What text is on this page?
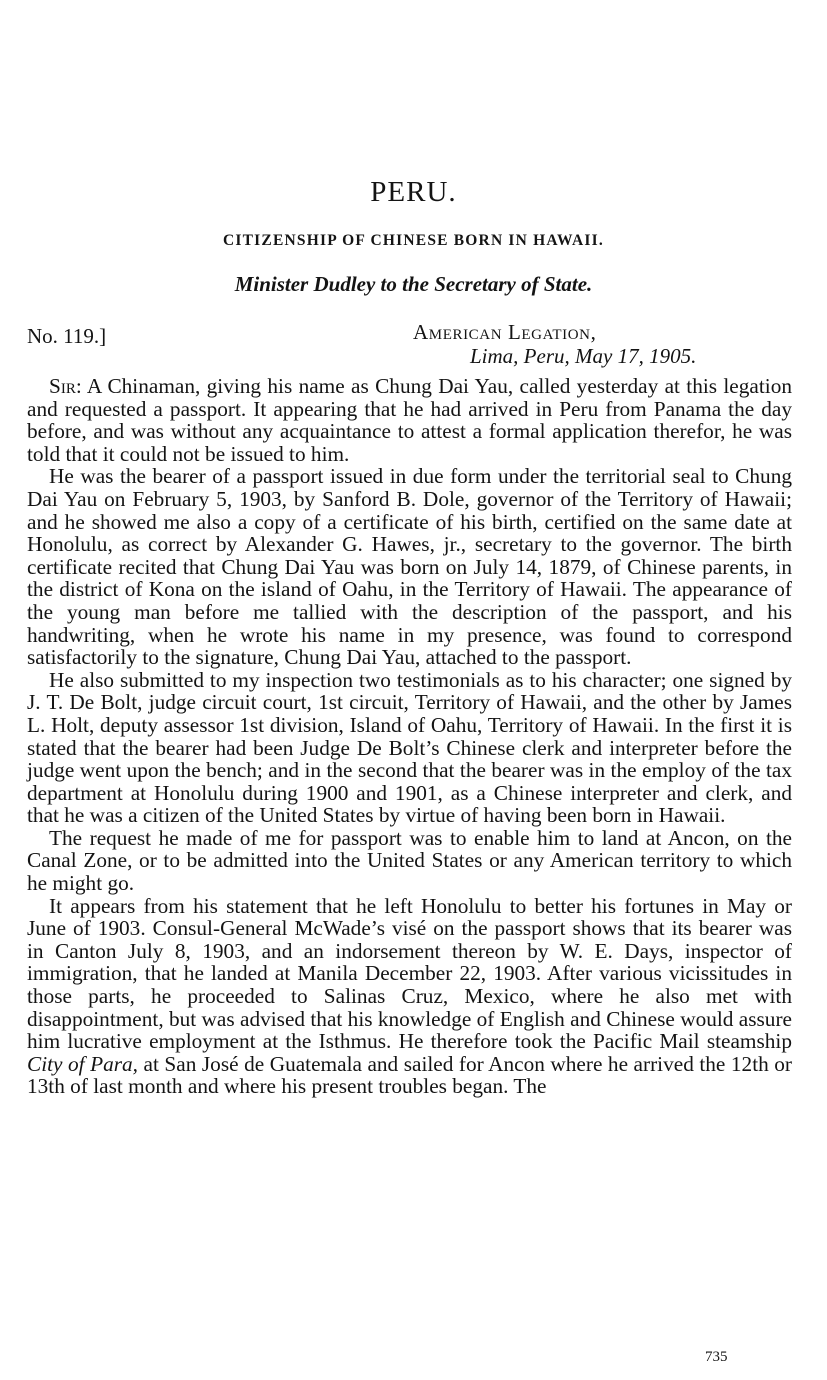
PERU.
CITIZENSHIP OF CHINESE BORN IN HAWAII.
Minister Dudley to the Secretary of State.
No. 119.]	American Legation,
Lima, Peru, May 17, 1905.

Sir: A Chinaman, giving his name as Chung Dai Yau, called yesterday at this legation and requested a passport. It appearing that he had arrived in Peru from Panama the day before, and was without any acquaintance to attest a formal application therefor, he was told that it could not be issued to him.

He was the bearer of a passport issued in due form under the territorial seal to Chung Dai Yau on February 5, 1903, by Sanford B. Dole, governor of the Territory of Hawaii; and he showed me also a copy of a certificate of his birth, certified on the same date at Honolulu, as correct by Alexander G. Hawes, jr., secretary to the governor. The birth certificate recited that Chung Dai Yau was born on July 14, 1879, of Chinese parents, in the district of Kona on the island of Oahu, in the Territory of Hawaii. The appearance of the young man before me tallied with the description of the passport, and his handwriting, when he wrote his name in my presence, was found to correspond satisfactorily to the signature, Chung Dai Yau, attached to the passport.

He also submitted to my inspection two testimonials as to his character; one signed by J. T. De Bolt, judge circuit court, 1st circuit, Territory of Hawaii, and the other by James L. Holt, deputy assessor 1st division, Island of Oahu, Territory of Hawaii. In the first it is stated that the bearer had been Judge De Bolt’s Chinese clerk and interpreter before the judge went upon the bench; and in the second that the bearer was in the employ of the tax department at Honolulu during 1900 and 1901, as a Chinese interpreter and clerk, and that he was a citizen of the United States by virtue of having been born in Hawaii.

The request he made of me for passport was to enable him to land at Ancon, on the Canal Zone, or to be admitted into the United States or any American territory to which he might go.

It appears from his statement that he left Honolulu to better his fortunes in May or June of 1903. Consul-General McWade’s visé on the passport shows that its bearer was in Canton July 8, 1903, and an indorsement thereon by W. E. Days, inspector of immigration, that he landed at Manila December 22, 1903. After various vicissitudes in those parts, he proceeded to Salinas Cruz, Mexico, where he also met with disappointment, but was advised that his knowledge of English and Chinese would assure him lucrative employment at the Isthmus. He therefore took the Pacific Mail steamship City of Para, at San José de Guatemala and sailed for Ancon where he arrived the 12th or 13th of last month and where his present troubles began. The

735
